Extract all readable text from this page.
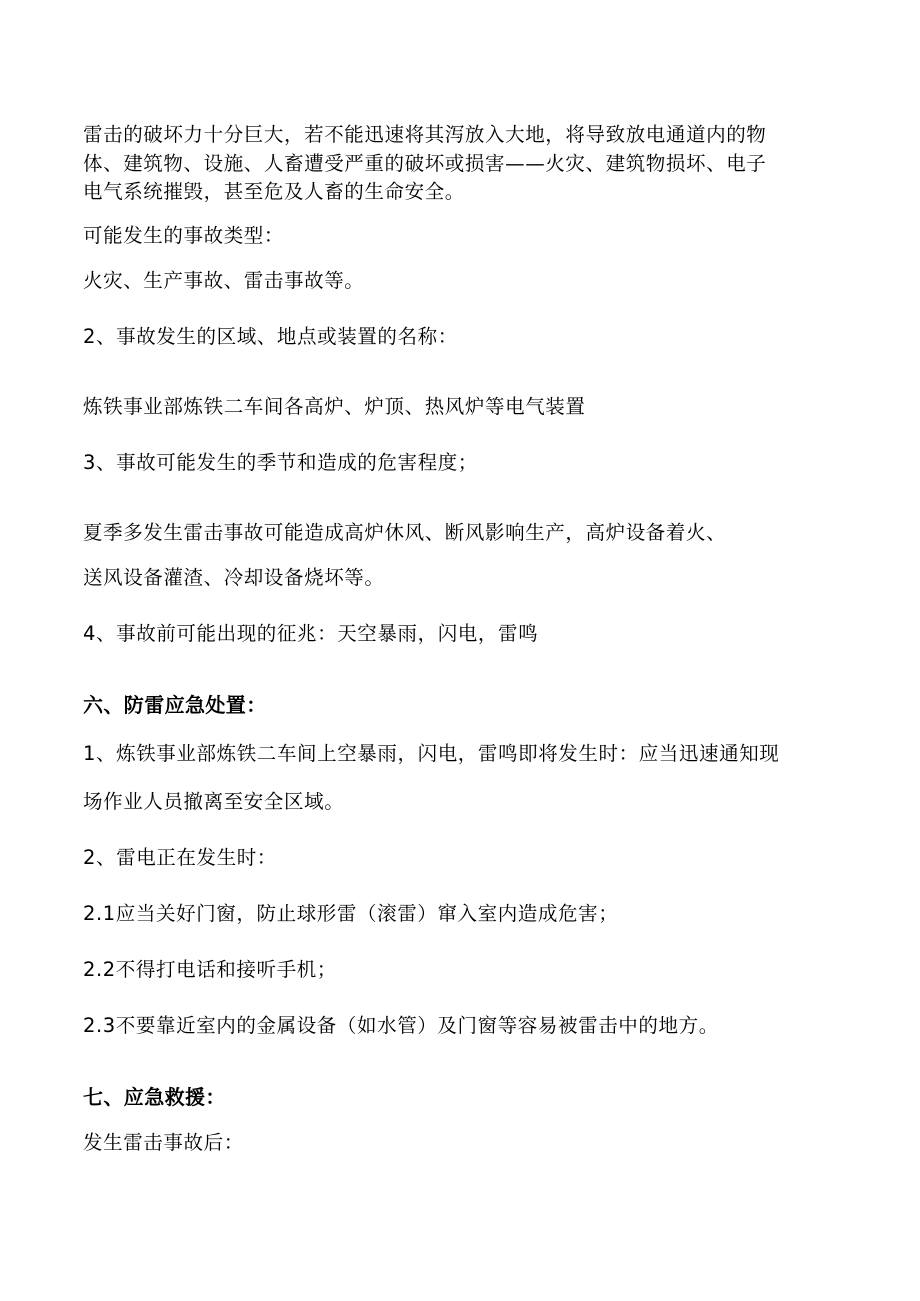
雷击的破坏力十分巨大，若不能迅速将其泻放入大地，将导致放电通道内的物
体、建筑物、设施、人畜遭受严重的破坏或损害——火灾、建筑物损坏、电子
电气系统摧毁，甚至危及人畜的生命安全。
可能发生的事故类型：
火灾、生产事故、雷击事故等。
2、事故发生的区域、地点或装置的名称：
炼铁事业部炼铁二车间各高炉、炉顶、热风炉等电气装置
3、事故可能发生的季节和造成的危害程度；
夏季多发生雷击事故可能造成高炉休风、断风影响生产，高炉设备着火、
送风设备灌渣、冷却设备烧坏等。
4、事故前可能出现的征兆：天空暴雨，闪电，雷鸣
六、防雷应急处置：
1、炼铁事业部炼铁二车间上空暴雨，闪电，雷鸣即将发生时：应当迅速通知现
场作业人员撤离至安全区域。
2、雷电正在发生时：
2.1应当关好门窗，防止球形雷（滚雷）窜入室内造成危害；
2.2不得打电话和接听手机；
2.3不要靠近室内的金属设备（如水管）及门窗等容易被雷击中的地方。
七、应急救援：
发生雷击事故后：
